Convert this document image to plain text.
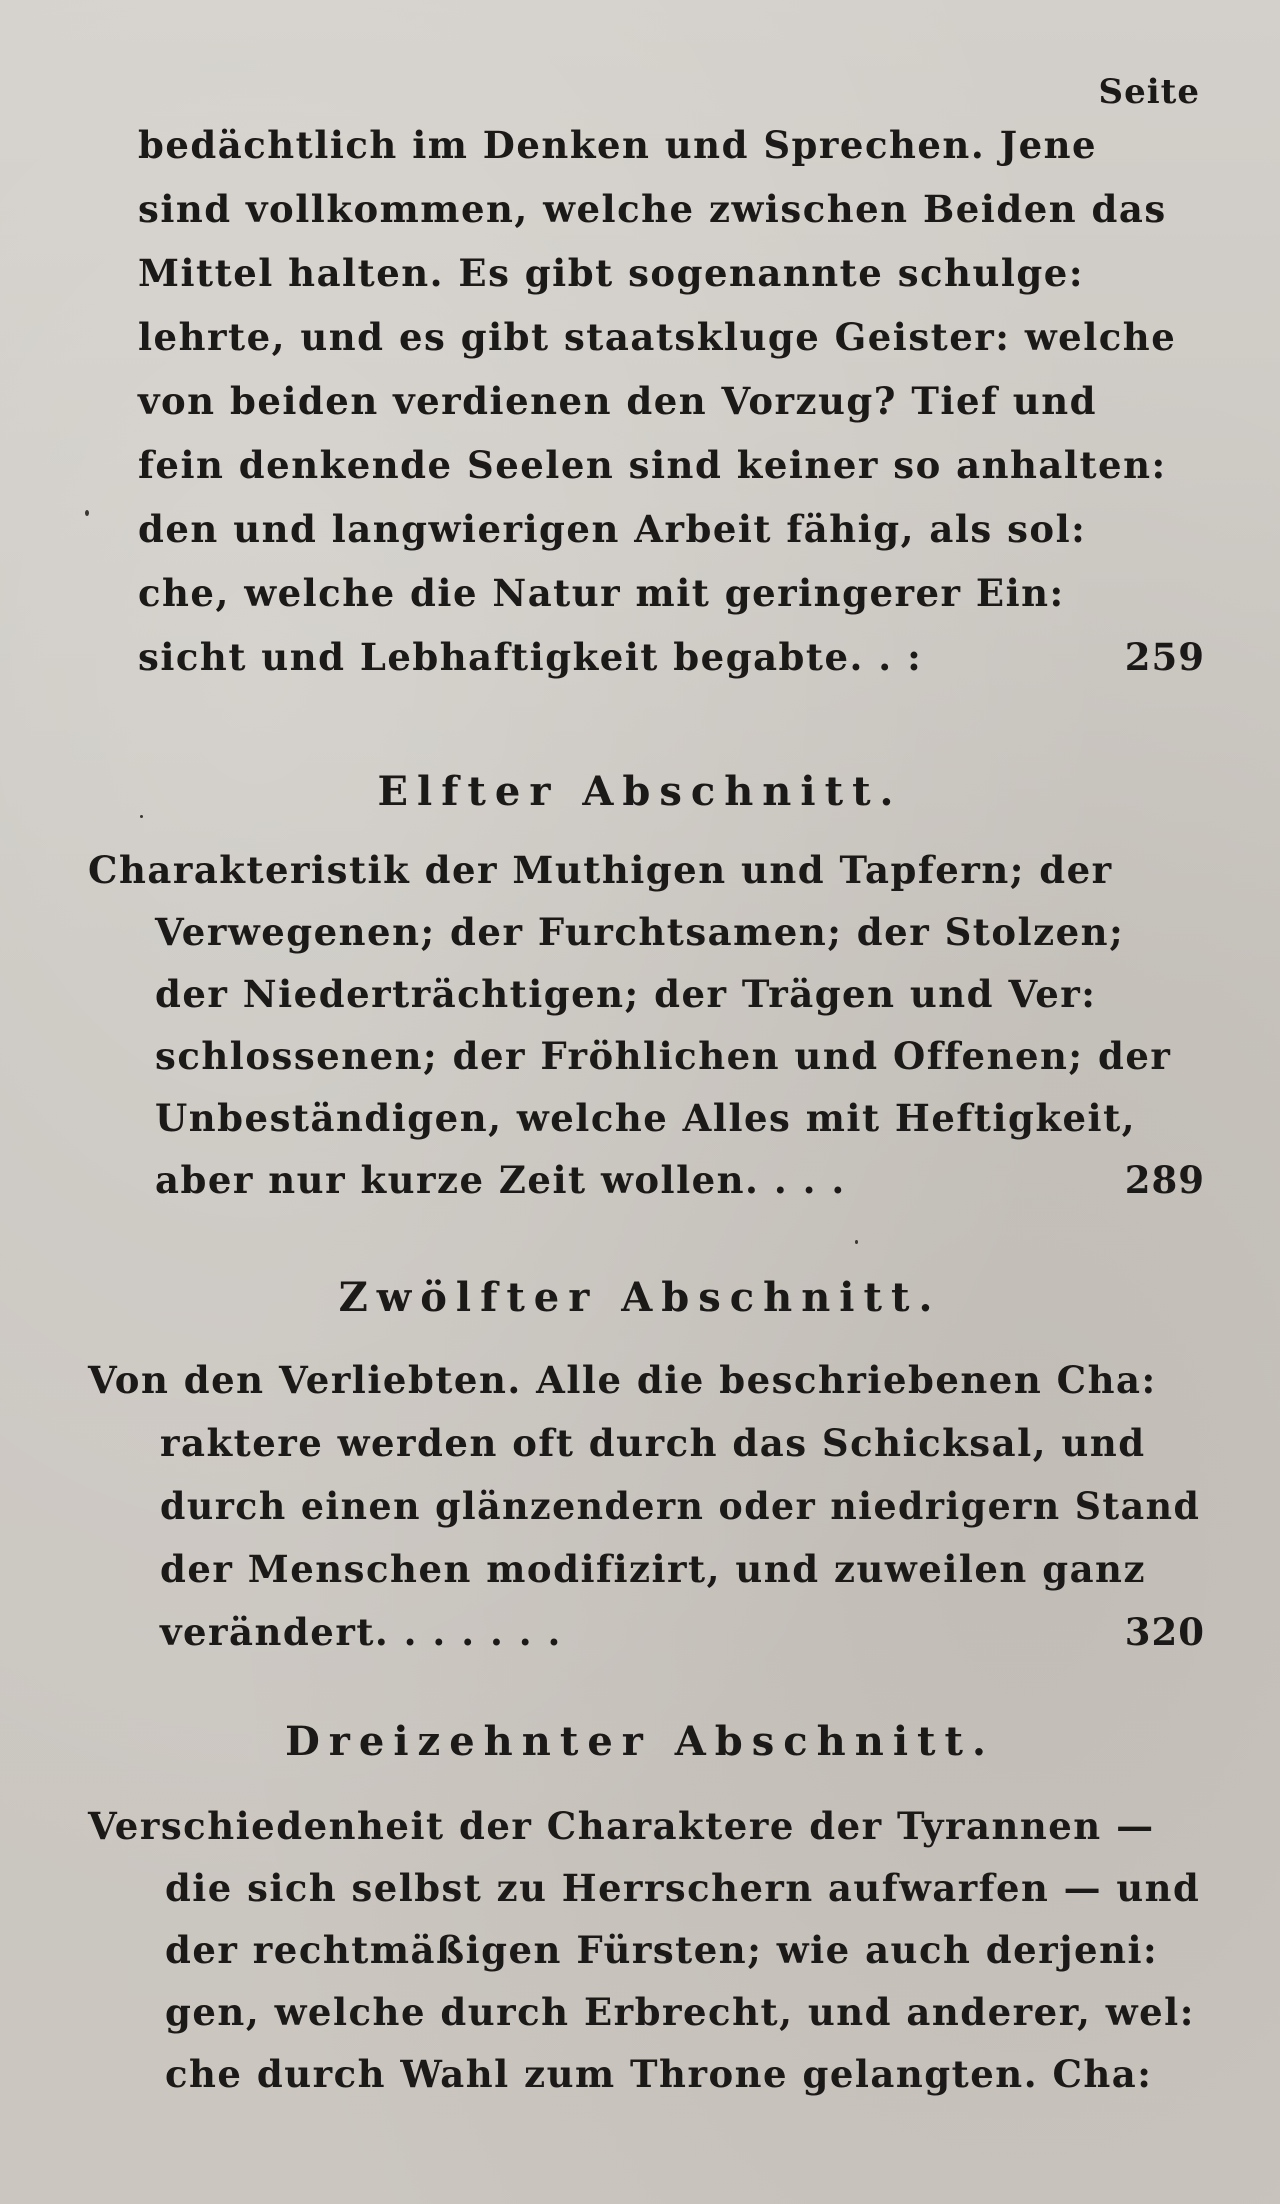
Seite
bedächtlich im Denken und Sprechen. Jene
sind vollkommen, welche zwischen Beiden das
Mittel halten. Es gibt sogenannte schulge:
lehrte, und es gibt staatskluge Geister: welche
von beiden verdienen den Vorzug? Tief und
fein denkende Seelen sind keiner so anhalten:
den und langwierigen Arbeit fähig, als sol:
che, welche die Natur mit geringerer Ein:
sicht und Lebhaftigkeit begabte. . :	259
Elfter Abschnitt.
Charakteristik der Muthigen und Tapfern; der
Verwegenen; der Furchtsamen; der Stolzen;
der Niederträchtigen; der Trägen und Ver:
schlossenen; der Fröhlichen und Offenen; der
Unbeständigen, welche Alles mit Heftigkeit,
aber nur kurze Zeit wollen. . . .	289
Zwölfter Abschnitt.
Von den Verliebten. Alle die beschriebenen Cha:
raktere werden oft durch das Schicksal, und
durch einen glänzendern oder niedrigern Stand
der Menschen modifizirt, und zuweilen ganz
verändert. . . . . . .	320
Dreizehnter Abschnitt.
Verschiedenheit der Charaktere der Tyrannen —
die sich selbst zu Herrschern aufwarfen — und
der rechtmäßigen Fürsten; wie auch derjeni:
gen, welche durch Erbrecht, und anderer, wel:
che durch Wahl zum Throne gelangten. Cha:
